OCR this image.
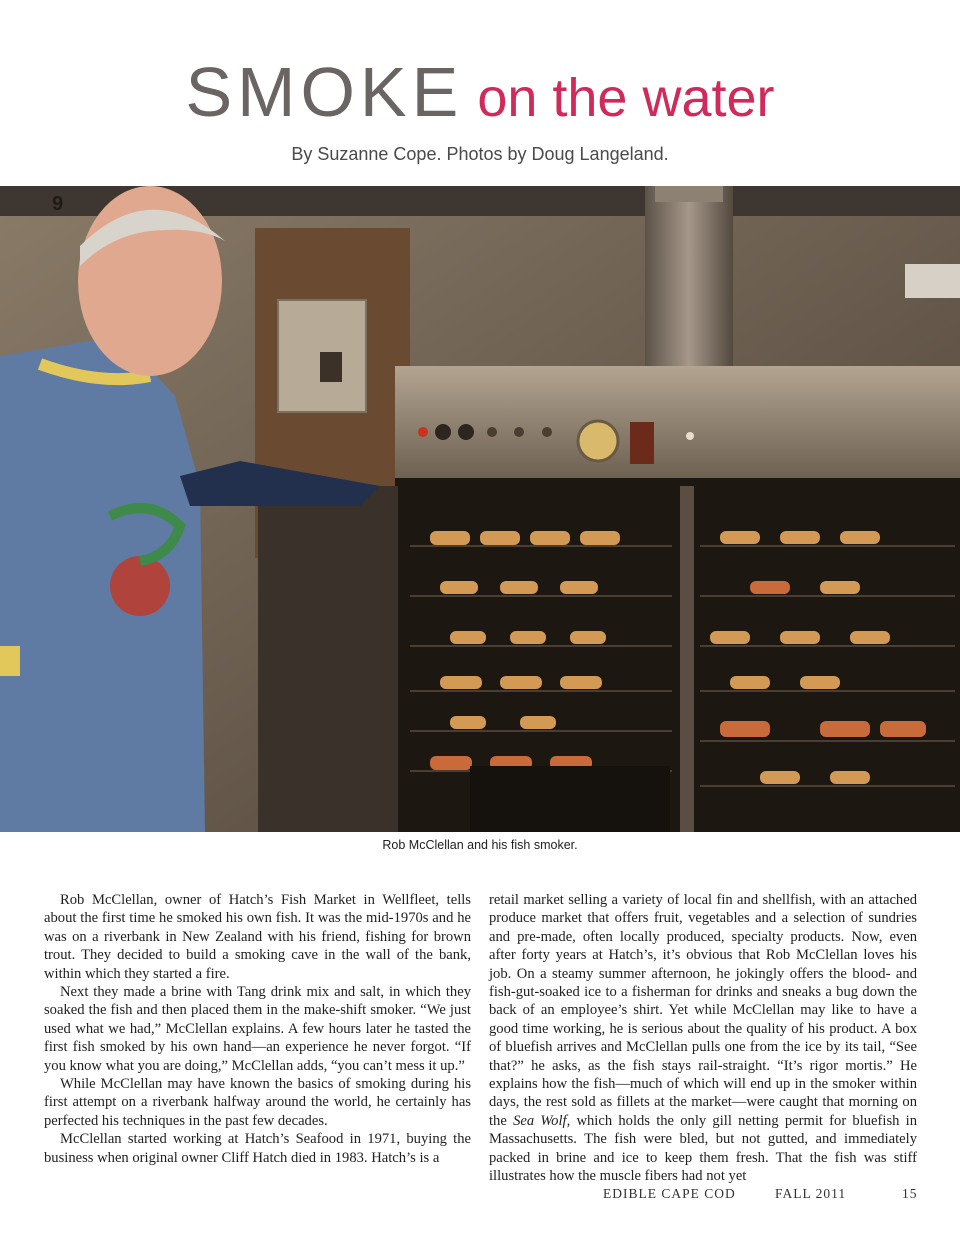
SMOKE on the water
By Suzanne Cope. Photos by Doug Langeland.
9
Rob McClellan and his fish smoker.

Rob McClellan, owner of Hatch’s Fish Market in Wellfleet, tells about the first time he smoked his own fish. It was the mid-1970s and he was on a riverbank in New Zealand with his friend, fishing for brown trout. They decided to build a smoking cave in the wall of the bank, within which they started a fire.

Next they made a brine with Tang drink mix and salt, in which they soaked the fish and then placed them in the make-shift smoker. “We just used what we had,” McClellan explains. A few hours later he tasted the first fish smoked by his own hand—an experience he never forgot. “If you know what you are doing,” McClellan adds, “you can’t mess it up.”

While McClellan may have known the basics of smoking during his first attempt on a riverbank halfway around the world, he certainly has perfected his techniques in the past few decades.

McClellan started working at Hatch’s Seafood in 1971, buying the business when original owner Cliff Hatch died in 1983. Hatch’s is a

retail market selling a variety of local fin and shellfish, with an attached produce market that offers fruit, vegetables and a selection of sundries and pre-made, often locally produced, specialty products. Now, even after forty years at Hatch’s, it’s obvious that Rob McClellan loves his job. On a steamy summer afternoon, he jokingly offers the blood- and fish-gut-soaked ice to a fisherman for drinks and sneaks a bug down the back of an employee’s shirt. Yet while McClellan may like to have a good time working, he is serious about the quality of his product. A box of bluefish arrives and McClellan pulls one from the ice by its tail, “See that?” he asks, as the fish stays rail-straight. “It’s rigor mortis.” He explains how the fish—much of which will end up in the smoker within days, the rest sold as fillets at the market—were caught that morning on the Sea Wolf, which holds the only gill netting permit for bluefish in Massachusetts. The fish were bled, but not gutted, and immediately packed in brine and ice to keep them fresh. That the fish was stiff illustrates how the muscle fibers had not yet

EDIBLE CAPE COD	FALL 2011	15
